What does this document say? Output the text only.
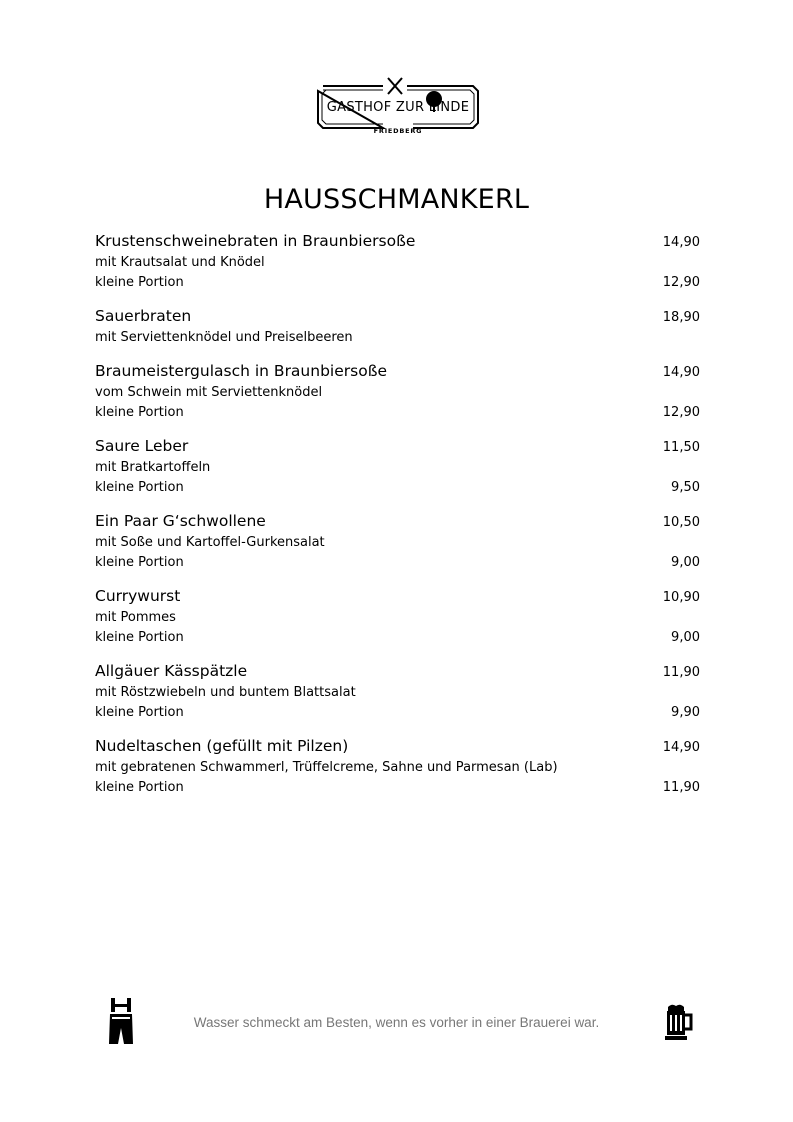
GASTHOF ZUR LINDE
FRIEDBERG
HAUSSCHMANKERL
Krustenschweinebraten in Braunbiersoße	14,90
mit Krautsalat und Knödel
kleine Portion	12,90
Sauerbraten	18,90
mit Serviettenknödel und Preiselbeeren
Braumeistergulasch in Braunbiersoße	14,90
vom Schwein mit Serviettenknödel
kleine Portion	12,90
Saure Leber	11,50
mit Bratkartoffeln
kleine Portion	9,50
Ein Paar G‘schwollene	10,50
mit Soße und Kartoffel-Gurkensalat
kleine Portion	9,00
Currywurst	10,90
mit Pommes
kleine Portion	9,00
Allgäuer Kässpätzle	11,90
mit Röstzwiebeln und buntem Blattsalat
kleine Portion	9,90
Nudeltaschen (gefüllt mit Pilzen)	14,90
mit gebratenen Schwammerl, Trüffelcreme, Sahne und Parmesan (Lab)
kleine Portion	11,90
Wasser schmeckt am Besten, wenn es vorher in einer Brauerei war.
